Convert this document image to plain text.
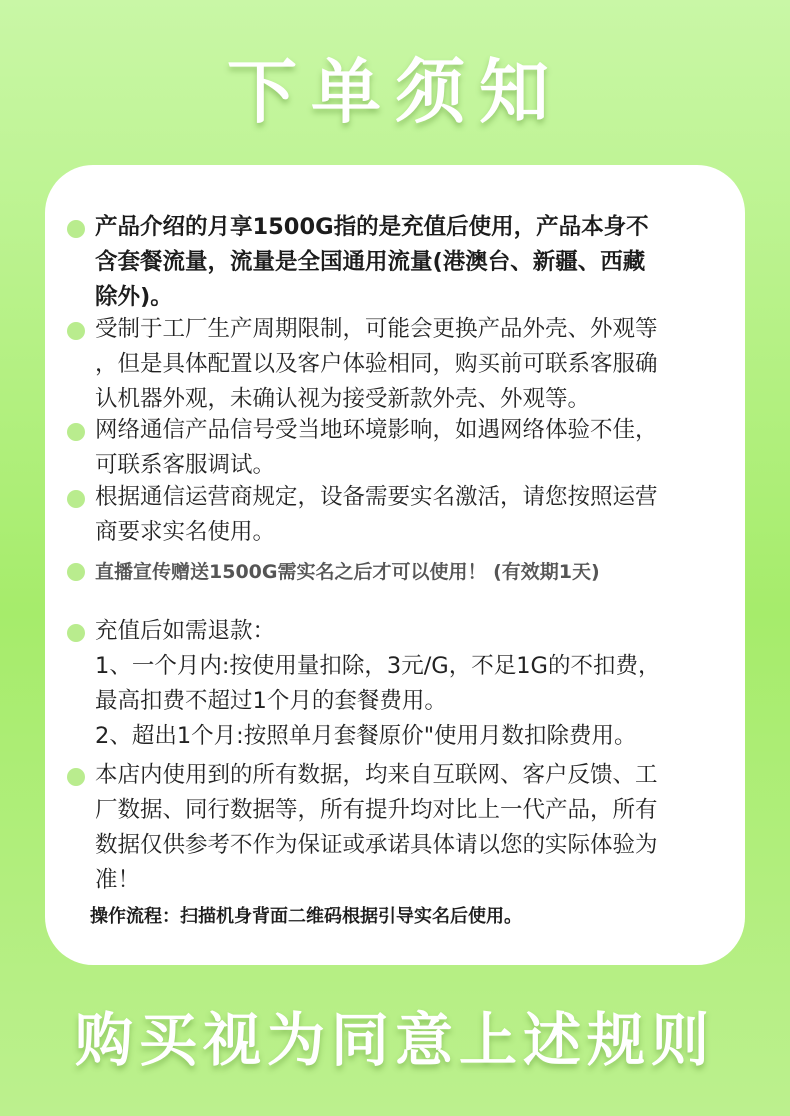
下单须知
产品介绍的月享1500G指的是充值后使用，产品本身不
含套餐流量，流量是全国通用流量(港澳台、新疆、西藏
除外)。
受制于工厂生产周期限制，可能会更换产品外壳、外观等
，但是具体配置以及客户体验相同，购买前可联系客服确
认机器外观，未确认视为接受新款外壳、外观等。
网络通信产品信号受当地环境影响，如遇网络体验不佳，
可联系客服调试。
根据通信运营商规定，设备需要实名激活，请您按照运营
商要求实名使用。
直播宣传赠送1500G需实名之后才可以使用！ (有效期1天)
充值后如需退款：
1、一个月内:按使用量扣除，3元/G，不足1G的不扣费，
最高扣费不超过1个月的套餐费用。
2、超出1个月:按照单月套餐原价"使用月数扣除费用。
本店内使用到的所有数据，均来自互联网、客户反馈、工
厂数据、同行数据等，所有提升均对比上一代产品，所有
数据仅供参考不作为保证或承诺具体请以您的实际体验为
准！
操作流程：扫描机身背面二维码根据引导实名后使用。
购买视为同意上述规则
